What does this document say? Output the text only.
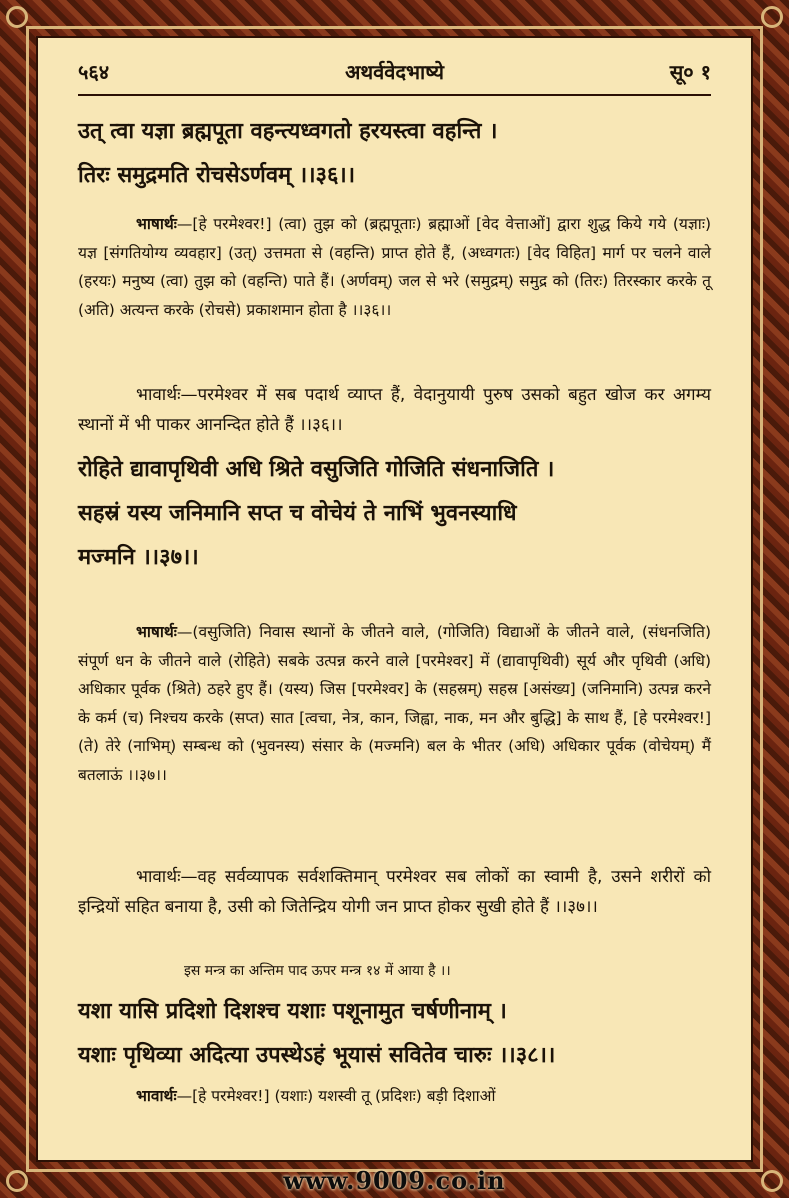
५६४	अथर्ववेदभाष्ये	सू० १
उत् त्वा यज्ञा ब्रह्मपूता वहन्त्यध्वगतो हरयस्त्वा वहन्ति ।
तिरः समुद्रमति रोचसेऽर्णवम् ।।३६।।
भाषार्थः—[हे परमेश्वर!] (त्वा) तुझ को (ब्रह्मपूताः) ब्रह्माओं [वेद वेत्ताओं] द्वारा शुद्ध किये गये (यज्ञाः) यज्ञ [संगतियोग्य व्यवहार] (उत्) उत्तमता से (वहन्ति) प्राप्त होते हैं, (अध्वगतः) [वेद विहित] मार्ग पर चलने वाले (हरयः) मनुष्य (त्वा) तुझ को (वहन्ति) पाते हैं। (अर्णवम्) जल से भरे (समुद्रम्) समुद्र को (तिरः) तिरस्कार करके तू (अति) अत्यन्त करके (रोचसे) प्रकाशमान होता है ।।३६।।
भावार्थः—परमेश्वर में सब पदार्थ व्याप्त हैं, वेदानुयायी पुरुष उसको बहुत खोज कर अगम्य स्थानों में भी पाकर आनन्दित होते हैं ।।३६।।
रोहिते द्यावापृथिवी अधि श्रिते वसुजिति गोजिति संधनाजिति ।
सहस्रं यस्य जनिमानि सप्त च वोचेयं ते नाभिं भुवनस्याधि
मज्मनि ।।३७।।
भाषार्थः—(वसुजिति) निवास स्थानों के जीतने वाले, (गोजिति) विद्याओं के जीतने वाले, (संधनजिति) संपूर्ण धन के जीतने वाले (रोहिते) सबके उत्पन्न करने वाले [परमेश्वर] में (द्यावापृथिवी) सूर्य और पृथिवी (अधि) अधिकार पूर्वक (श्रिते) ठहरे हुए हैं। (यस्य) जिस [परमेश्वर] के (सहस्रम्) सहस्र [असंख्य] (जनिमानि) उत्पन्न करने के कर्म (च) निश्चय करके (सप्त) सात [त्वचा, नेत्र, कान, जिह्वा, नाक, मन और बुद्धि] के साथ हैं, [हे परमेश्वर!] (ते) तेरे (नाभिम्) सम्बन्ध को (भुवनस्य) संसार के (मज्मनि) बल के भीतर (अधि) अधिकार पूर्वक (वोचेयम्) मैं बतलाऊं ।।३७।।
भावार्थः—वह सर्वव्यापक सर्वशक्तिमान् परमेश्वर सब लोकों का स्वामी है, उसने शरीरों को इन्द्रियों सहित बनाया है, उसी को जितेन्द्रिय योगी जन प्राप्त होकर सुखी होते हैं ।।३७।।
इस मन्त्र का अन्तिम पाद ऊपर मन्त्र १४ में आया है ।।
यशा यासि प्रदिशो दिशश्च यशाः पशूनामुत चर्षणीनाम् ।
यशाः पृथिव्या अदित्या उपस्थेऽहं भूयासं सवितेव चारुः ।।३८।।
भावार्थः—[हे परमेश्वर!] (यशाः) यशस्वी तू (प्रदिशः) बड़ी दिशाओं
www.9009.co.in
